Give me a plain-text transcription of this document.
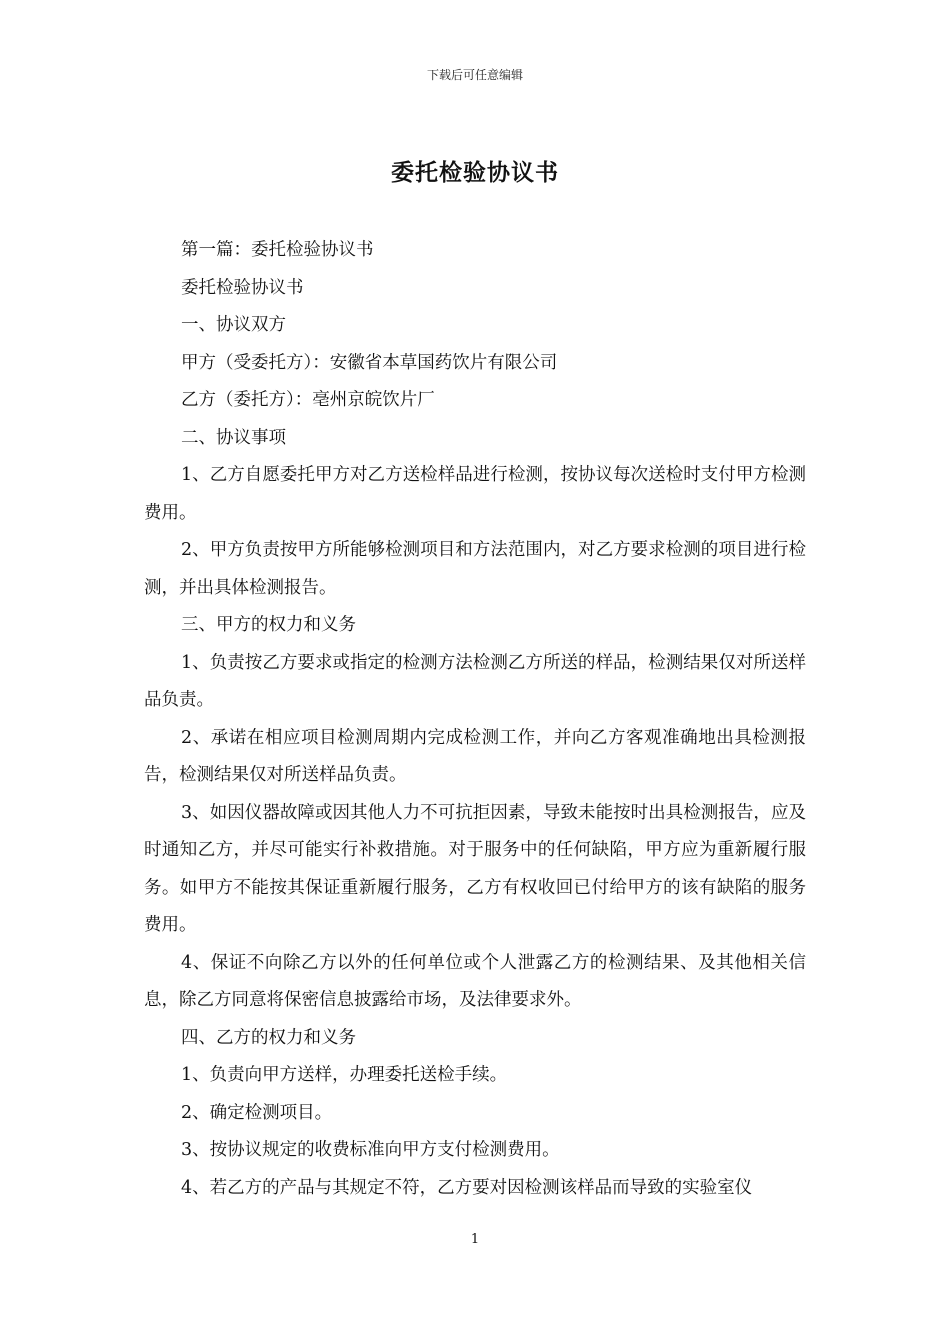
下载后可任意编辑
委托检验协议书

第一篇：委托检验协议书

委托检验协议书

一、协议双方

甲方（受委托方）：安徽省本草国药饮片有限公司

乙方（委托方）：亳州京皖饮片厂

二、协议事项

1、乙方自愿委托甲方对乙方送检样品进行检测，按协议每次送检时支付甲方检测费用。

2、甲方负责按甲方所能够检测项目和方法范围内，对乙方要求检测的项目进行检测，并出具体检测报告。

三、甲方的权力和义务

1、负责按乙方要求或指定的检测方法检测乙方所送的样品，检测结果仅对所送样品负责。

2、承诺在相应项目检测周期内完成检测工作，并向乙方客观准确地出具检测报告，检测结果仅对所送样品负责。

3、如因仪器故障或因其他人力不可抗拒因素，导致未能按时出具检测报告，应及时通知乙方，并尽可能实行补救措施。对于服务中的任何缺陷，甲方应为重新履行服务。如甲方不能按其保证重新履行服务，乙方有权收回已付给甲方的该有缺陷的服务费用。

4、保证不向除乙方以外的任何单位或个人泄露乙方的检测结果、及其他相关信息，除乙方同意将保密信息披露给市场，及法律要求外。

四、乙方的权力和义务

1、负责向甲方送样，办理委托送检手续。

2、确定检测项目。

3、按协议规定的收费标准向甲方支付检测费用。

4、若乙方的产品与其规定不符，乙方要对因检测该样品而导致的实验室仪

1
